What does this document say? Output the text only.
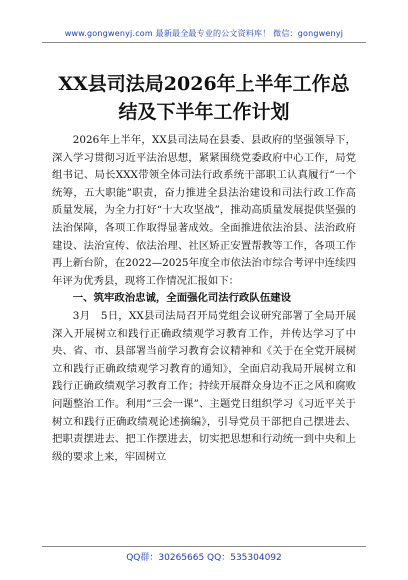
www.gongwenyj.com 最新最全最专业的公文资料库！ 微信：gongwenyj
XX县司法局2026年上半年工作总结及下半年工作计划

2026年上半年，XX县司法局在县委、县政府的坚强领导下，深入学习贯彻习近平法治思想，紧紧围绕党委政府中心工作，局党组书记、局长XXX带领全体司法行政系统干部职工认真履行“一个统筹，五大职能”职责，奋力推进全县法治建设和司法行政工作高质量发展，为全力打好“十大攻坚战”，推动高质量发展提供坚强的法治保障，各项工作取得显著成效。全面推进依法治县、法治政府建设、法治宣传、依法治理、社区矫正安置帮教等工作，各项工作再上新台阶，在2022—2025年度全市依法治市综合考评中连续四年评为优秀县，现将工作情况汇报如下：

一、筑牢政治忠诚，全面强化司法行政队伍建设

3月　5日，XX县司法局召开局党组会议研究部署了全局开展深入开展树立和践行正确政绩观学习教育工作，并传达学习了中央、省、市、县部署当前学习教育会议精神和《关于在全党开展树立和践行正确政绩观学习教育的通知》，全面启动我局开展树立和践行正确政绩观学习教育工作；持续开展群众身边不正之风和腐败问题整治工作。利用“三会一课”、主题党日组织学习《习近平关于树立和践行正确政绩观论述摘编》，引导党员干部把自己摆进去、把职责摆进去、把工作摆进去，切实把思想和行动统一到中央和上级的要求上来，牢固树立

QQ群：30265665 QQ：535304092
